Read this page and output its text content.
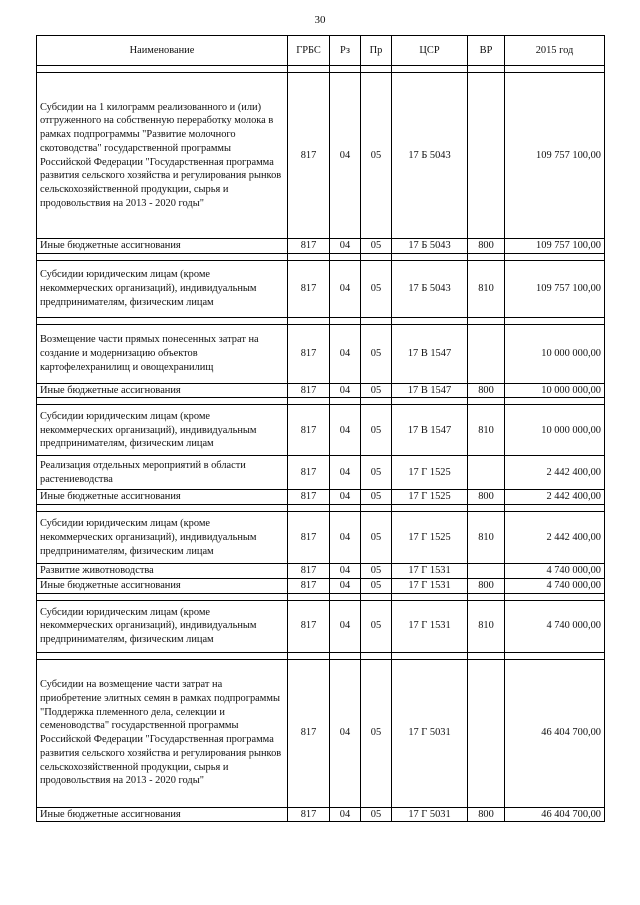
30
Наименование	ГРБС	Рз	Пр	ЦСР	ВР	2015 год

Субсидии на 1 килограмм реализованного и (или) отгруженного на собственную переработку молока в рамках подпрограммы "Развитие молочного скотоводства" государственной программы Российской Федерации "Государственная программа развития сельского хозяйства и регулирования рынков сельскохозяйственной продукции, сырья и продовольствия на 2013 - 2020 годы"	817	04	05	17 Б 5043		109 757 100,00
Иные бюджетные ассигнования	817	04	05	17 Б 5043	800	109 757 100,00

Субсидии юридическим лицам (кроме некоммерческих организаций), индивидуальным предпринимателям, физическим лицам	817	04	05	17 Б 5043	810	109 757 100,00

Возмещение части прямых понесенных затрат на создание и модернизацию объектов картофелехранилищ и овощехранилищ	817	04	05	17 В 1547		10 000 000,00
Иные бюджетные ассигнования	817	04	05	17 В 1547	800	10 000 000,00

Субсидии юридическим лицам (кроме некоммерческих организаций), индивидуальным предпринимателям, физическим лицам	817	04	05	17 В 1547	810	10 000 000,00
Реализация отдельных мероприятий в области растениеводства	817	04	05	17 Г 1525		2 442 400,00
Иные бюджетные ассигнования	817	04	05	17 Г 1525	800	2 442 400,00

Субсидии юридическим лицам (кроме некоммерческих организаций), индивидуальным предпринимателям, физическим лицам	817	04	05	17 Г 1525	810	2 442 400,00
Развитие животноводства	817	04	05	17 Г 1531		4 740 000,00
Иные бюджетные ассигнования	817	04	05	17 Г 1531	800	4 740 000,00

Субсидии юридическим лицам (кроме некоммерческих организаций), индивидуальным предпринимателям, физическим лицам	817	04	05	17 Г 1531	810	4 740 000,00

Субсидии на возмещение части затрат на приобретение элитных семян в рамках подпрограммы "Поддержка племенного дела, селекции и семеноводства" государственной программы Российской Федерации "Государственная программа развития сельского хозяйства и регулирования рынков сельскохозяйственной продукции, сырья и продовольствия на 2013 - 2020 годы"	817	04	05	17 Г 5031		46 404 700,00
Иные бюджетные ассигнования	817	04	05	17 Г 5031	800	46 404 700,00
